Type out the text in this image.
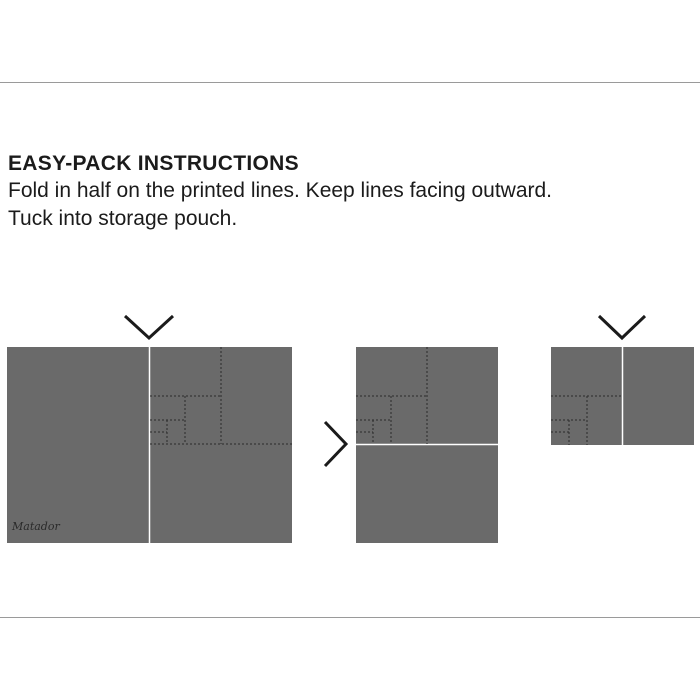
EASY-PACK INSTRUCTIONS
Fold in half on the printed lines. Keep lines facing outward.
Tuck into storage pouch.
Matador
